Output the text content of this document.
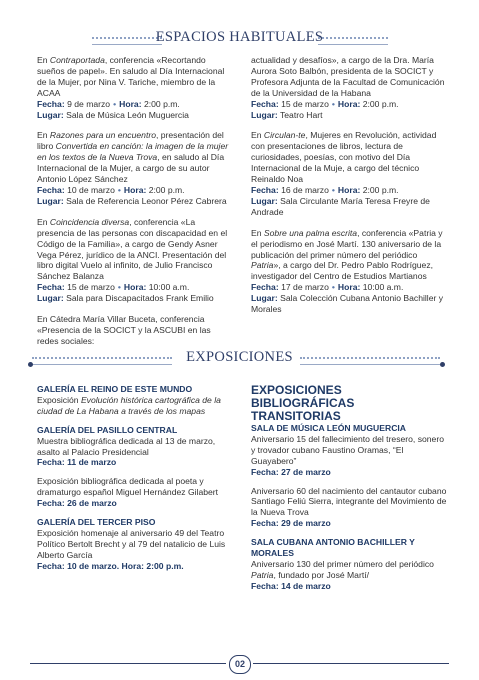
ESPACIOS HABITUALES

En Contraportada, conferencia «Recortando sueños de papel». En saludo al Día Internacional de la Mujer, por Nina V. Tariche, miembro de la ACAA

Fecha: 9 de marzo • Hora: 2:00 p.m.

Lugar: Sala de Música León Muguercia

En Razones para un encuentro, presentación del libro Convertida en canción: la imagen de la mujer en los textos de la Nueva Trova, en saludo al Día Internacional de la Mujer, a cargo de su autor Antonio López Sánchez

Fecha: 10 de marzo • Hora: 2:00 p.m.

Lugar: Sala de Referencia Leonor Pérez Cabrera

En Coincidencia diversa, conferencia «La presencia de las personas con discapacidad en el Código de la Familia», a cargo de Gendy Asner Vega Pérez, jurídico de la ANCI. Presentación del libro digital Vuelo al infinito, de Julio Francisco Sánchez Balanza

Fecha: 15 de marzo • Hora: 10:00 a.m.

Lugar: Sala para Discapacitados Frank Emilio

En Cátedra María Villar Buceta, conferencia «Presencia de la SOCICT y la ASCUBI en las redes sociales:

actualidad y desafíos», a cargo de la Dra. María Aurora Soto Balbón, presidenta de la SOCICT y Profesora Adjunta de la Facultad de Comunicación de la Universidad de la Habana

Fecha: 15 de marzo • Hora: 2:00 p.m.

Lugar: Teatro Hart

En Circulan-te, Mujeres en Revolución, actividad con presentaciones de libros, lectura de curiosidades, poesías, con motivo del Día Internacional de la Muje, a cargo del técnico Reinaldo Noa

Fecha: 16 de marzo • Hora: 2:00 p.m.

Lugar: Sala Circulante María Teresa Freyre de Andrade

En Sobre una palma escrita, conferencia «Patria y el periodismo en José Martí. 130 aniversario de la publicación del primer número del periódico Patria», a cargo del Dr. Pedro Pablo Rodríguez, investigador del Centro de Estudios Martianos

Fecha: 17 de marzo • Hora: 10:00 a.m.

Lugar: Sala Colección Cubana Antonio Bachiller y Morales

EXPOSICIONES

GALERÍA EL REINO DE ESTE MUNDO

Exposición Evolución histórica cartográfica de la ciudad de La Habana a través de los mapas

GALERÍA DEL PASILLO CENTRAL

Muestra bibliográfica dedicada al 13 de marzo, asalto al Palacio Presidencial

Fecha: 11 de marzo

Exposición bibliográfica dedicada al poeta y dramaturgo español Miguel Hernández Gilabert

Fecha: 26 de marzo

GALERÍA DEL TERCER PISO

Exposición homenaje al aniversario 49 del Teatro Político Bertolt Brecht y al 79 del natalicio de Luis Alberto García

Fecha: 10 de marzo. Hora: 2:00 p.m.

EXPOSICIONES BIBLIOGRÁFICAS TRANSITORIAS

SALA DE MÚSICA LEÓN MUGUERCIA

Aniversario 15 del fallecimiento del tresero, sonero y trovador cubano Faustino Oramas, “El Guayabero”

Fecha: 27 de marzo

Aniversario 60 del nacimiento del cantautor cubano Santiago Feliú Sierra, integrante del Movimiento de la Nueva Trova

Fecha: 29 de marzo

SALA CUBANA ANTONIO BACHILLER Y MORALES

Aniversario 130 del primer número del periódico Patria, fundado por José Martí/

Fecha: 14 de marzo

02
